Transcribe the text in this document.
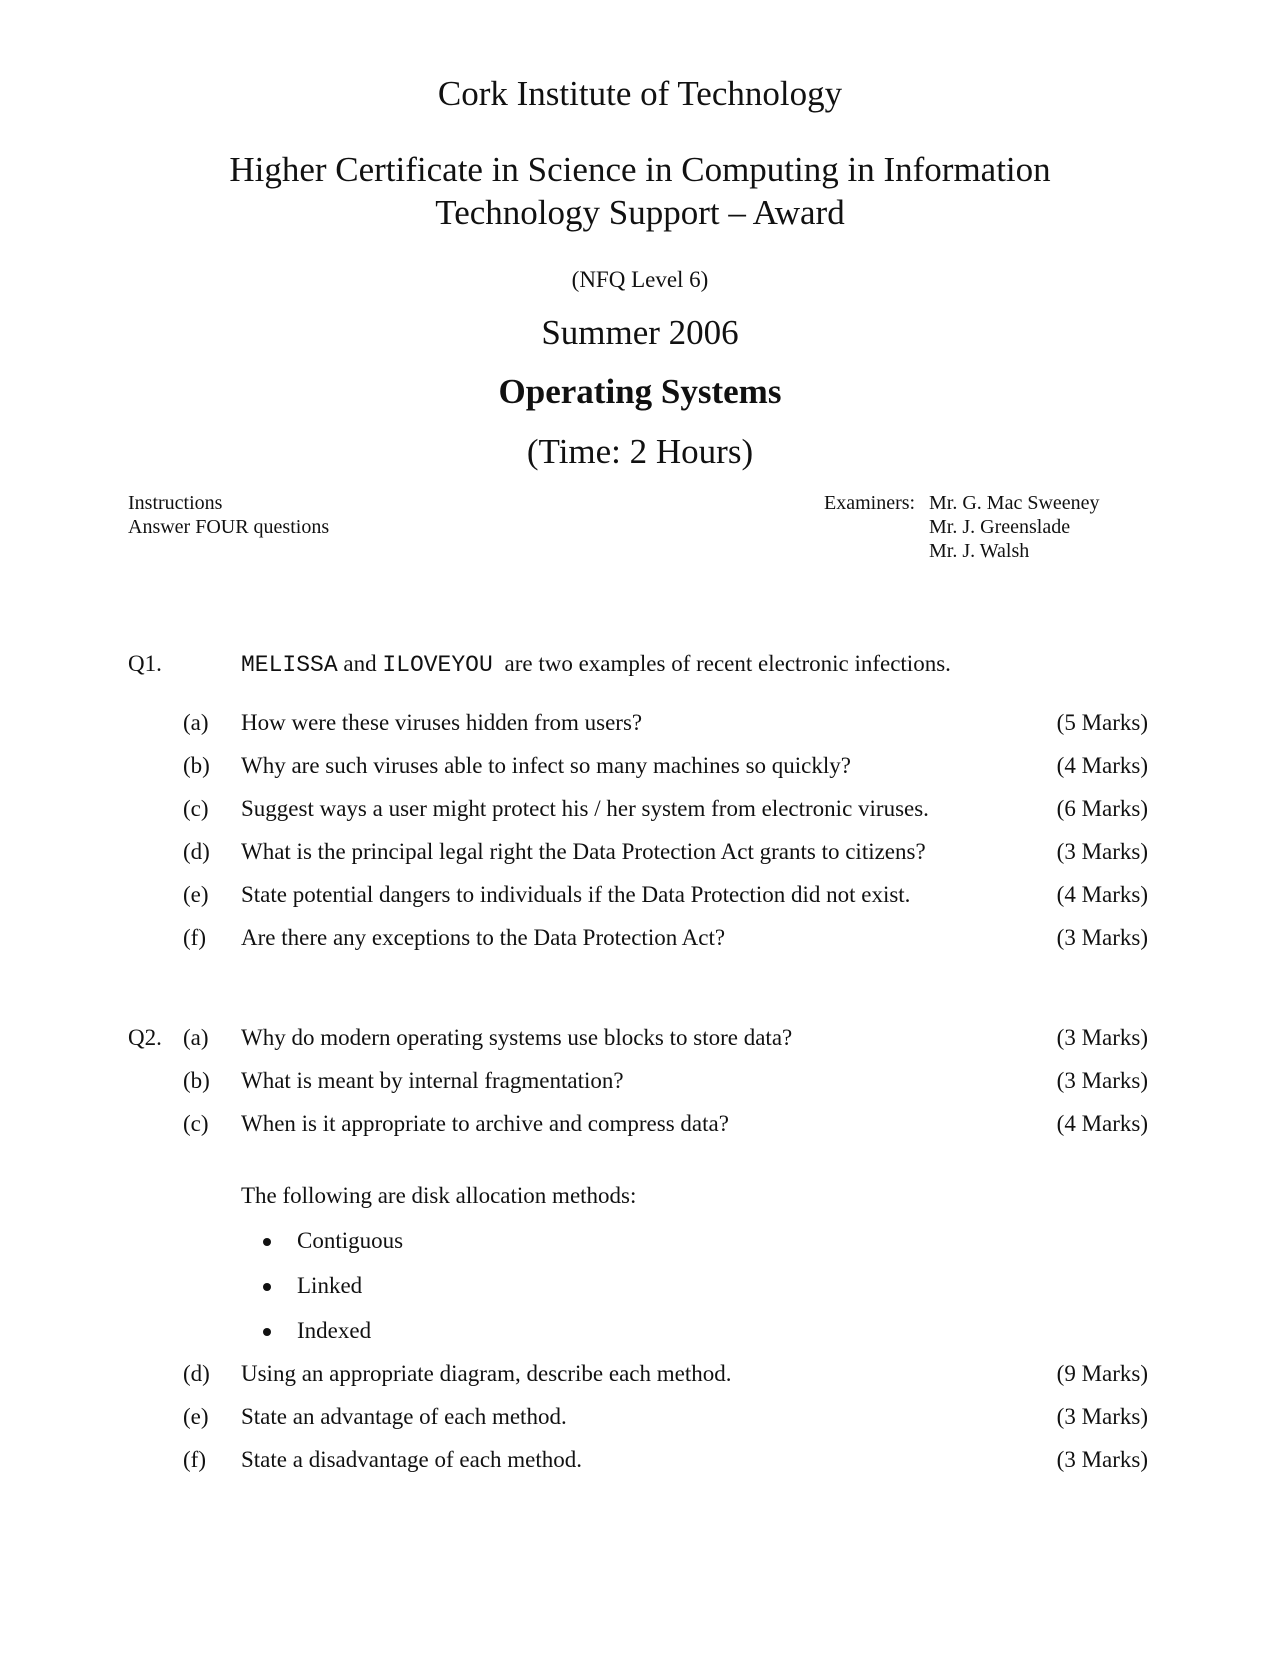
Cork Institute of Technology
Higher Certificate in Science in Computing in Information
Technology Support – Award
(NFQ Level 6)
Summer 2006
Operating Systems
(Time: 2 Hours)
Instructions
Answer FOUR questions
Examiners: Mr. G. Mac Sweeney
Mr. J. Greenslade
Mr. J. Walsh
Q1.	MELISSA and ILOVEYOU are two examples of recent electronic infections.
(a) How were these viruses hidden from users?	(5 Marks)
(b) Why are such viruses able to infect so many machines so quickly?	(4 Marks)
(c) Suggest ways a user might protect his / her system from electronic viruses.	(6 Marks)
(d) What is the principal legal right the Data Protection Act grants to citizens?	(3 Marks)
(e) State potential dangers to individuals if the Data Protection did not exist.	(4 Marks)
(f) Are there any exceptions to the Data Protection Act?	(3 Marks)
Q2. (a) Why do modern operating systems use blocks to store data?	(3 Marks)
(b) What is meant by internal fragmentation?	(3 Marks)
(c) When is it appropriate to archive and compress data?	(4 Marks)
The following are disk allocation methods:
Contiguous
Linked
Indexed
(d) Using an appropriate diagram, describe each method.	(9 Marks)
(e) State an advantage of each method.	(3 Marks)
(f) State a disadvantage of each method.	(3 Marks)
